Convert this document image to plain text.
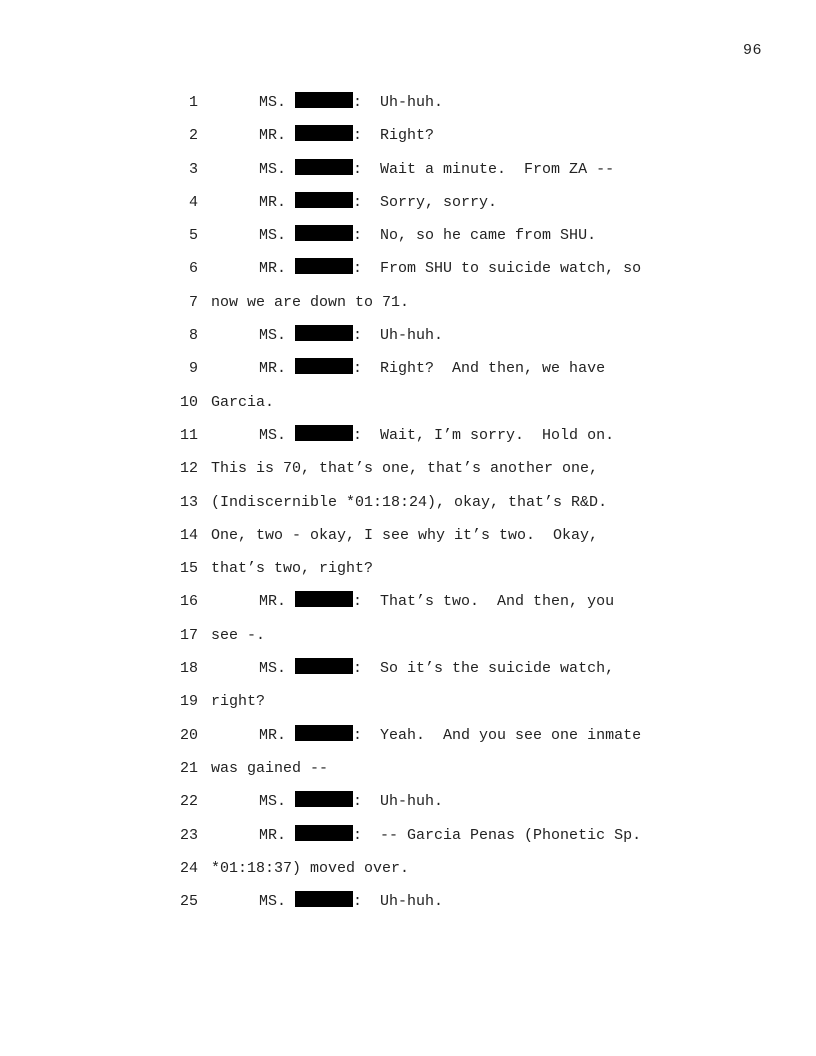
96
1	MS.	:  Uh-huh.
2	MR.	:  Right?
3	MS.	:  Wait a minute.  From ZA --
4	MR.	:  Sorry, sorry.
5	MS.	:  No, so he came from SHU.
6	MR.	:  From SHU to suicide watch, so
7 now we are down to 71.
8	MS.	:  Uh-huh.
9	MR.	:  Right?  And then, we have
10 Garcia.
11	MS.	:  Wait, I’m sorry.  Hold on.
12 This is 70, that’s one, that’s another one,
13 (Indiscernible *01:18:24), okay, that’s R&D.
14 One, two - okay, I see why it’s two.  Okay,
15 that’s two, right?
16	MR.	:  That’s two.  And then, you
17 see -.
18	MS.	:  So it’s the suicide watch,
19 right?
20	MR.	:  Yeah.  And you see one inmate
21 was gained --
22	MS.	:  Uh-huh.
23	MR.	:  -- Garcia Penas (Phonetic Sp.
24 *01:18:37) moved over.
25	MS.	:  Uh-huh.
